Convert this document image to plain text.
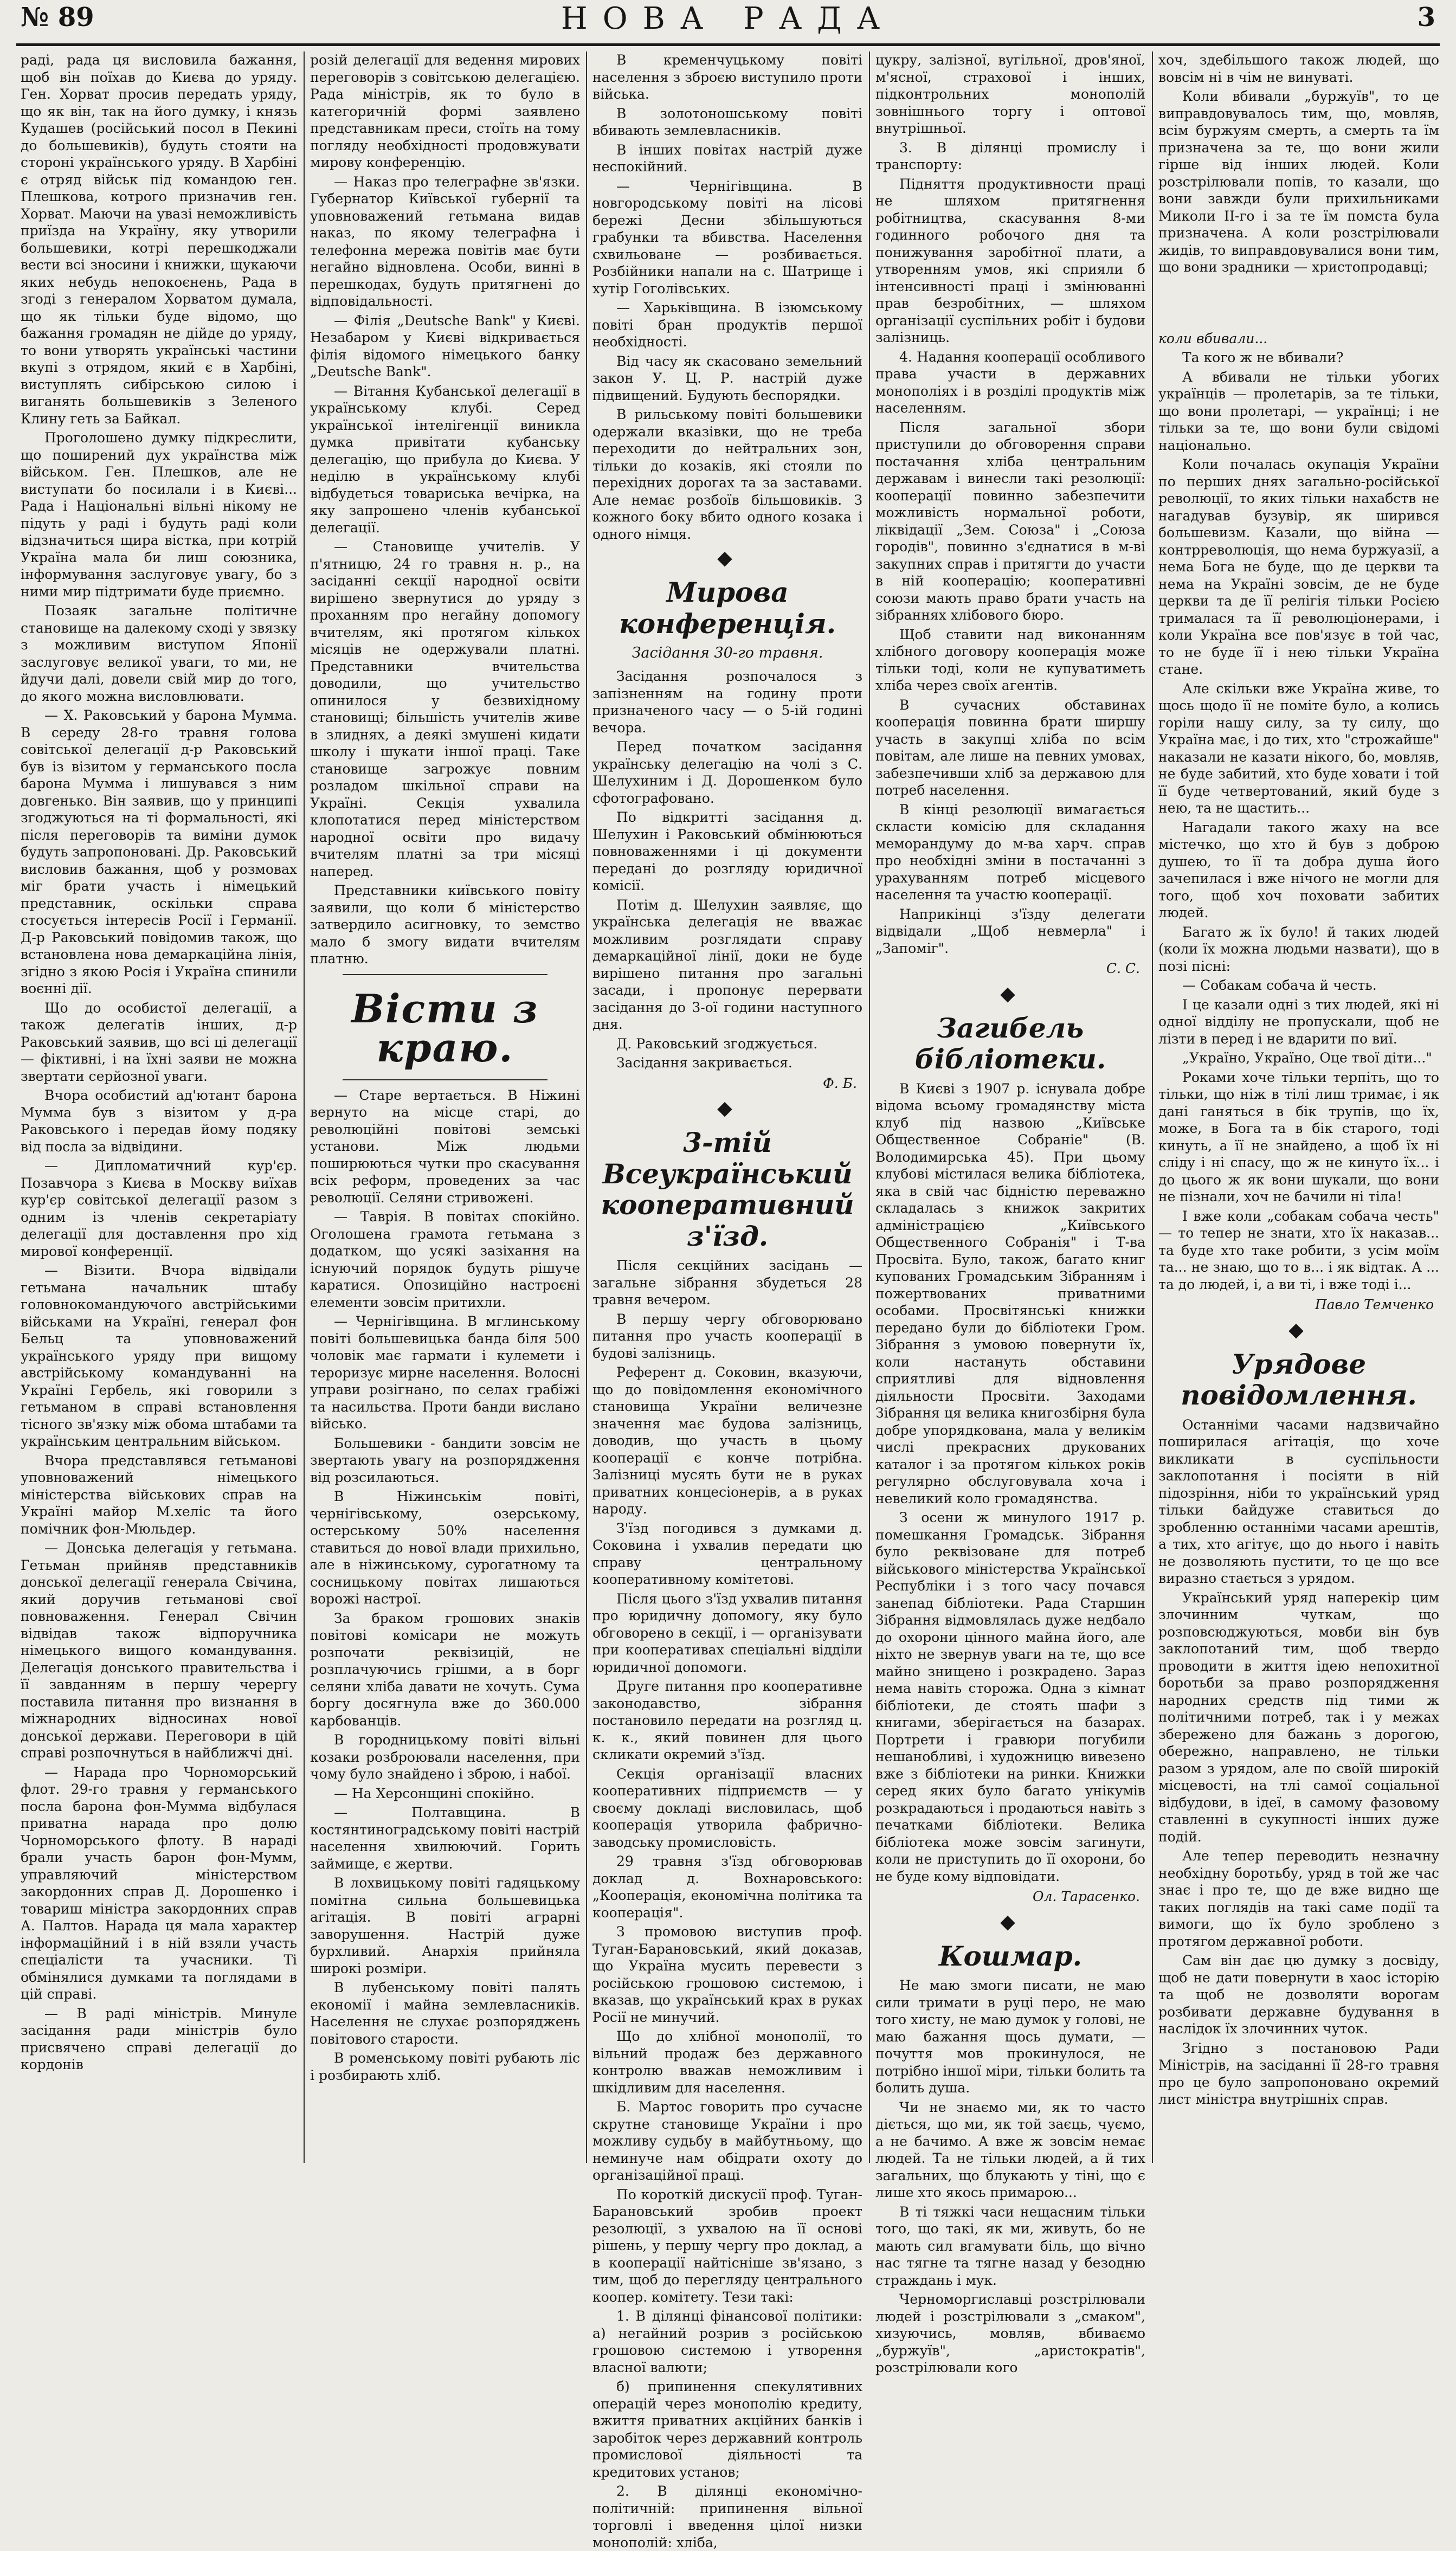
№ 89	НОВА РАДА	3

раді, рада ця висловила бажання, щоб він поїхав до Києва до уряду. Ген. Хорват просив передать уряду, що як він, так на його думку, і князь Кудашев (російський посол в Пекині до большевиків), будуть стояти на стороні українського уряду. В Харбіні є отряд військ під командою ген. Плешкова, котрого призначив ген. Хорват. Маючи на увазі неможливість приїзда на Україну, яку утворили большевики, котрі перешкоджали вести всі зносини і книжки, щукаючи яких небудь непокоєнень, Рада в згоді з генералом Хорватом думала, що як тільки буде відомо, що бажання громадян не дійде до уряду, то вони утворять українські частини вкупі з отрядом, який є в Харбіні, виступлять сибірською силою і виганять большевиків з Зеленого Клину геть за Байкал.

Проголошено думку підкреслити, що поширений дух українства між військом. Ген. Плешков, але не виступати бо посилали і в Києві... Рада і Національні вільні нікому не підуть у раді і будуть раді коли відзначиться щира вістка, при котрій Україна мала би лиш союзника, інформування заслуговує увагу, бо з ними мир підтримати буде приємно.

Позаяк загальне політичне становище на далекому сході у звязку з можливим виступом Японії заслуговує великої уваги, то ми, не йдучи далі, довели свій мир до того, до якого можна висловлювати.

— Х. Раковський у барона Мумма. В середу 28-го травня голова совітської делегації д-р Раковський був із візитом у германського посла барона Мумма і лишувався з ним довгенько. Він заявив, що у принципі згоджуються на ті формальності, які після переговорів та виміни думок будуть запропоновані. Др. Раковський висловив бажання, щоб у розмовах міг брати участь і німецький представник, оскільки справа стосується інтересів Росії і Германії. Д-р Раковський повідомив також, що встановлена нова демаркаційна лінія, згідно з якою Росія і Україна спинили воєнні дії.

Що до особистої делегації, а також делегатів інших, д-р Раковський заявив, що всі ці делегації — фіктивні, і на їхні заяви не можна звертати серйозної уваги.

Вчора особистий ад'ютант барона Мумма був з візитом у д-ра Раковського і передав йому подяку від посла за відвідини.

— Дипломатичний кур'єр. Позавчора з Києва в Москву виїхав кур'єр совітської делегації разом з одним із членів секретаріату делегації для доставлення про хід мирової конференції.

— Візити. Вчора відвідали гетьмана начальник штабу головнокомандуючого австрійськими військами на Україні, генерал фон Бельц та уповноважений українського уряду при вищому австрійському командуванні на Україні Гербель, які говорили з гетьманом в справі встановлення тісного зв'язку між обома штабами та українським центральним військом.

Вчора представлявся гетьманові уповноважений німецького міністерства військових справ на Україні майор М.хеліс та його помічник фон-Мюльдер.

— Донська делегація у гетьмана. Гетьман прийняв представників донської делегації генерала Свічина, який доручив гетьманові свої повноваження. Генерал Свічин відвідав також відпоручника німецького вищого командування. Делегація донського правительства і її завданням в першу черергу поставила питання про визнання в міжнародних відносинах нової донської держави. Переговори в цій справі розпочнуться в найближчі дні.

— Нарада про Чорноморський флот. 29-го травня у германського посла барона фон-Мумма відбулася приватна нарада про долю Чорноморського флоту. В нараді брали участь барон фон-Мумм, управляючий міністерством закордонних справ Д. Дорошенко і товариш міністра закордонних справ А. Палтов. Нарада ця мала характер інформаційний і в ній взяли участь спеціалісти та учасники. Ті обмінялися думками та поглядами в цій справі.

— В раді міністрів. Минуле засідання ради міністрів було присвячено справі делегації до кордонів

розій делегації для ведення мирових переговорів з совітською делегацією. Рада міністрів, як то було в категоричній формі заявлено представникам преси, стоїть на тому погляду необхідності продовжувати мирову конференцію.

— Наказ про телеграфне зв'язки. Губернатор Київської губернії та уповноважений гетьмана видав наказ, по якому телеграфна і телефонна мережа повітів має бути негайно відновлена. Особи, винні в перешкодах, будуть притягнені до відповідальності.

— Філія „Deutsche Bank" у Києві. Незабаром у Києві відкривається філія відомого німецького банку „Deutsche Bank".

— Вітання Кубанської делегації в українському клубі. Серед української інтелігенції виникла думка привітати кубанську делегацію, що прибула до Києва. У неділю в українському клубі відбудеться товариська вечірка, на яку запрошено членів кубанської делегації.

— Становище учителів. У п'ятницю, 24 го травня н. р., на засіданні секції народної освіти вирішено звернутися до уряду з проханням про негайну допомогу вчителям, які протягом кількох місяців не одержували платні. Представники вчительства доводили, що учительство опинилося у безвихідному становищі; більшість учителів живе в злиднях, а деякі змушені кидати школу і шукати іншої праці. Таке становище загрожує повним розладом шкільної справи на Україні. Секція ухвалила клопотатися перед міністерством народної освіти про видачу вчителям платні за три місяці наперед.

Представники київського повіту заявили, що коли б міністерство затвердило асигновку, то земство мало б змогу видати вчителям платню.

Вісти з краю.

— Старе вертається. В Ніжинi вернуто на місце старі, до революційні повітові земські установи. Між людьми поширюються чутки про скасування всіх реформ, проведених за час революції. Селяни стривожені.

— Таврія. В повітах спокійно. Оголошена грамота гетьмана з додатком, що усякі зазіхання на існуючий порядок будуть рішуче каратися. Опозиційно настроєні елементи зовсім притихли.

— Чернігівщина. В мглинському повіті большевицька банда біля 500 чоловік має гармати і кулемети і тероризує мирне населення. Волосні управи розігнано, по селах грабіжі та насильства. Проти банди вислано військо.

Большевики - бандити зовсім не звертають увагу на розпорядження від розсилаються.

В Ніжинськім повіті, чернігівському, озерському, остерському 50% населення ставиться до нової влади прихильно, але в ніжинському, сурогатному та сосницькому повітах лишаються ворожі настрої.

За браком грошових знаків повітові комісари не можуть розпочати реквізицій, не розплачуючись грішми, а в борг селяни хліба давати не хочуть. Сума боргу досягнула вже до 360.000 карбованців.

В городницькому повіті вільні козаки розброювали населення, при чому було знайдено і зброю, і набої.

— На Херсонщині спокійно.

— Полтавщина. В костянтиноградському повіті настрій населення хвилюючий. Горить займище, є жертви.

В лохвицькому повіті гадяцькому помітна сильна большевицька агітація. В повіті аграрні заворушення. Настрій дуже бурхливий. Анархія прийняла широкі розміри.

В лубенському повіті палять економії і майна землевласників. Населення не слухає розпоряджень повітового старости.

В роменському повіті рубають ліс і розбирають хліб.

В кременчуцькому повіті населення з зброєю виступило проти війська.

В золотоношському повіті вбивають землевласників.

В інших повітах настрій дуже неспокійний.

— Чернігівщина. В новгородському повіті на лісові бережі Десни збільшуються грабунки та вбивства. Населення схвильоване — розбивається. Розбійники напали на с. Шатрище і хутір Гоголівських.

— Харьківщина. В ізюмському повіті бран продуктів першої необхідності.

Від часу як скасовано земельний закон У. Ц. Р. настрій дуже підвищений. Будують беспорядки.

В рильському повіті большевики одержали вказівки, що не треба переходити до нейтральних зон, тільки до козаків, які стояли по перехідних дорогах та за заставами. Але немає розбоїв більшовиків. З кожного боку вбито одного козака і одного німця.

◆
Мирова конференція.
Засідання 30-го травня.

Засідання розпочалося з запізненням на годину проти призначеного часу — о 5-ій годині вечора.

Перед початком засідання українську делегацію на чолі з С. Шелухиним і Д. Дорошенком було сфотографовано.

По відкритті засідання д. Шелухин і Раковський обмінюються повноваженнями і ці документи передані до розгляду юридичної комісії.

Потім д. Шелухин заявляє, що українська делегація не вважає можливим розглядати справу демаркаційної лінії, доки не буде вирішено питання про загальні засади, і пропонує перервати засідання до 3-ої години наступного дня.

Д. Раковський згоджується.

Засідання закривається.

Ф. Б.

◆
3-тій Всеукраїнський кооперативний з'їзд.

Після секційних засідань — загальне зібрання збудеться 28 травня вечером.

В першу чергу обговорювано питання про участь кооперації в будові залізниць.

Референт д. Соковин, вказуючи, що до повідомлення економічного становища України величезне значення має будова залізниць, доводив, що участь в цьому кооперації є конче потрібна. Залізниці мусять бути не в руках приватних концесіонерів, а в руках народу.

З'їзд погодився з думками д. Соковина і ухвалив передати цю справу центральному кооперативному комітетові.

Після цього з'їзд ухвалив питання про юридичну допомогу, яку було обговорено в секції, і — організувати при кооперативах спеціальні відділи юридичної допомоги.

Друге питання про кооперативне законодавство, зібрання постановило передати на розгляд ц. к. к., який повинен для цього скликати окремий з'їзд.

Секція організації власних кооперативних підприємств — у своєму докладі висловилась, щоб кооперація утворила фабрично-заводську промисловість.

29 травня з'їзд обговорював доклад д. Вохнаровського: „Кооперація, економічна політика та кооперація".

З промовою виступив проф. Туган-Барановський, який доказав, що Україна мусить перевести з російською грошовою системою, і вказав, що український крах в руках Росії не минучий.

Що до хлібної монополії, то вільний продаж без державного контролю вважав неможливим і шкідливим для населення.

Б. Мартос говорить про сучасне скрутне становище України і про можливу судьбу в майбутньому, що неминуче нам обідрати охоту до організаційної праці.

По короткій дискусії проф. Туган-Барановський зробив проект резолюції, з ухвалою на її основі рішень, у першу чергу про доклад, а в кооперації найтісніше зв'язано, з тим, щоб до перегляду центрального коопер. комітету. Тези такі:

1. В ділянці фінансової політики: а) негайний розрив з російською грошовою системою і утворення власної валюти;

б) припинення спекулятивних операцій через монополію кредиту, вжиття приватних акційних банків і заробіток через державний контроль промислової діяльності та кредитових установ;

2. В ділянці економічно-політичній: припинення вільної торговлі і введення цілої низки монополій: хліба,

цукру, залізної, вугільної, дров'яної, м'ясної, страхової і інших, підконтрольних монополій зовнішнього торгу і оптової внутрішньої.

3. В ділянці промислу і транспорту:

Підняття продуктивности праці не шляхом притягнення робітництва, скасування 8-ми годинного робочого дня та понижування заробітної плати, а утворенням умов, які сприяли б інтенсивності праці і змінюванні прав безробітних, — шляхом організації суспільних робіт і будови залізниць.

4. Надання кооперації особливого права участи в державних монополіях і в розділі продуктів між населенням.

Після загальної збори приступили до обговорення справи постачання хліба центральним державам і винесли такі резолюції: кооперації повинно забезпечити можливість нормальної роботи, ліквідації „Зем. Союза" і „Союза городів", повинно з'єднатися в м-ві закупних справ і притягти до участи в ній кооперацію; кооперативні союзи мають право брати участь на зібраннях хлібового бюро.

Щоб ставити над виконанням хлібного договору кооперація може тільки тоді, коли не купуватиметь хліба через своїх агентів.

В сучасних обставинах кооперація повинна брати ширшу участь в закупці хліба по всім повітам, але лише на певних умовах, забезпечивши хліб за державою для потреб населення.

В кінці резолюції вимагається скласти комісію для складання меморандуму до м-ва харч. справ про необхідні зміни в постачанні з урахуванням потреб місцевого населення та участю кооперації.

Наприкінці з'їзду делегати відвідали „Щоб невмерла" і „Запоміг".

С. С.

◆
Загибель бібліотеки.

В Києві з 1907 р. існувала добре відома всьому громадянству міста клуб під назвою „Київське Общественное Собраніе" (В. Володимирська 45). При цьому клубові містилася велика бібліотека, яка в свій час бідністю переважно складалась з книжок закритих адміністрацією „Київського Общественного Собранія" і Т-ва Просвіта. Було, також, багато книг купованих Громадським Зібранням і пожертвованих приватними особами. Просвітянські книжки передано були до бібліотеки Гром. Зібрання з умовою повернути їх, коли настануть обставини сприятливі для відновлення діяльности Просвіти. Заходами Зібрання ця велика книгозбірня була добре упорядкована, мала у великім числі прекрасних друкованих каталог і за протягом кількох років регулярно обслуговувала хоча і невеликий коло громадянства.

З осени ж минулого 1917 р. помешкання Громадськ. Зібрання було реквізоване для потреб військового міністерства Української Республіки і з того часу почався занепад бібліотеки. Рада Старшин Зібрання відмовлялась дуже недбало до охорони цінного майна його, але ніхто не звернув уваги на те, що все майно знищено і розкрадено. Зараз нема навіть сторожа. Одна з кімнат бібліотеки, де стоять шафи з книгами, зберігається на базарах. Портрети і гравюри погубили нешанобливі, і художницю вивезено вже з бібліотеки на ринки. Книжки серед яких було багато унікумів розкрадаються і продаються навіть з печатками бібліотеки. Велика бібліотека може зовсім загинути, коли не приступить до її охорони, бо не буде кому відповідати.

Ол. Тарасенко.

◆
Кошмар.

Не маю змоги писати, не маю сили тримати в руці перо, не маю того хисту, не маю думок у голові, не маю бажання щось думати, — почуття мов прокинулося, не потрібно іншої міри, тільки болить та болить душа.

Чи не знаємо ми, як то часто діється, що ми, як той заєць, чуємо, а не бачимо. А вже ж зовсім немає людей. Та не тільки людей, а й тих загальних, що блукають у тіні, що є лише хто якось примарою...

В ті тяжкі часи нещасним тільки того, що такі, як ми, живуть, бо не мають сил вгамувати біль, що вічно нас тягне та тягне назад у безодню страждань і мук.

Черноморгиславці розстрілювали людей і розстрілювали з „смаком", хизуючись, мовляв, вбиваємо „буржуїв", „аристократів", розстрілювали кого

хоч, здебільшого також людей, що вовсім ні в чім не винуваті.

Коли вбивали „буржуїв", то це виправдовувалось тим, що, мовляв, всім буржуям смерть, а смерть та їм призначена за те, що вони жили гірше від інших людей. Коли розстрілювали попів, то казали, що вони завжди були прихильниками Миколи II-го і за те їм помста була призначена. А коли розстрілювали жидів, то виправдовувалися вони тим, що вони зрадники — христопродавці;

коли вбивали...

Та кого ж не вбивали?

А вбивали не тільки убогих українців — пролетарів, за те тільки, що вони пролетарі, — українці; і не тільки за те, що вони були свідомі національно.

Коли почалась окупація України по перших днях загально-російської революції, то яких тільки нахабств не нагадував бузувір, як ширився большевизм. Казали, що війна — контрреволюція, що нема буржуазії, а нема Бога не буде, що де церкви та нема на Україні зовсім, де не буде церкви та де її релігія тільки Росією трималася та її революціонерами, і коли Україна все пов'язує в той час, то не буде її і нею тільки Україна стане.

Але скільки вже Україна живе, то щось щодо її не поміте було, а колись горіли нашу силу, за ту силу, що Україна має, і до тих, хто "строжайше" наказали не казати нікого, бо, мовляв, не буде забитий, хто буде ховати і той її буде четвертований, який буде з нею, та не щастить...

Нагадали такого жаху на все містечко, що хто й був з доброю душею, то її та добра душа його зачепилася і вже нічого не могли для того, щоб хоч поховати забитих людей.

Багато ж їх було! й таких людей (коли їх можна людьми назвати), що в позі пісні:

— Собакам собача й честь.

І це казали одні з тих людей, які ні одної відділу не пропускали, щоб не лізти в перед і не вдарити по виї.

„Україно, Україно, Оце твої діти..."

Роками хоче тільки терпіть, що то тільки, що ніж в тілі лиш тримає, і як дані ганяться в бік трупів, що їх, може, в Бога та в бік старого, тоді кинуть, а її не знайдено, а щоб їх ні сліду і ні спасу, що ж не кинуто їх... і до цього ж як вони шукали, що вони не пізнали, хоч не бачили ні тіла!

І вже коли „собакам собача честь" — то тепер не знати, хто їх наказав... та буде хто таке робити, з усім моїм та... не знаю, що то в... і як відтак. А ... та до людей, і, а ви ті, і вже тоді і...

Павло Темченко

◆
Урядове повідомлення.

Останніми часами надзвичайно поширилася агітація, що хоче викликати в суспільности заклопотання і посіяти в ній підозріння, ніби то український уряд тільки байдуже ставиться до зробленню останніми часами арештів, а тих, хто агітує, що до нього і навіть не дозволяють пустити, то це що все виразно стається з урядом.

Український уряд наперекір цим злочинним чуткам, що розповсюджуються, мовби він був заклопотаний тим, щоб твердо проводити в життя ідею непохитної боротьби за право розпорядження народних средств під тими ж політичними потреб, так і у межах збережено для бажань з дорогою, обережно, направлено, не тільки разом з урядом, але по своїй широкій місцевості, на тлі самої соціальної відбудови, в ідеї, в самому фазовому ставленні в сукупності інших дуже подій.

Але тепер переводить незначну необхідну боротьбу, уряд в той же час знає і про те, що де вже видно ще таких поглядів на такі саме події та вимоги, що їх було зроблено з протягом державної роботи.

Сам він дає цю думку з досвіду, щоб не дати повернути в хаос історію та щоб не дозволяти ворогам розбивати державне будування в наслідок їх злочинних чуток.

Згідно з постановою Ради Міністрів, на засіданні її 28-го травня про це було запропоновано окремий лист міністра внутрішніх справ.
